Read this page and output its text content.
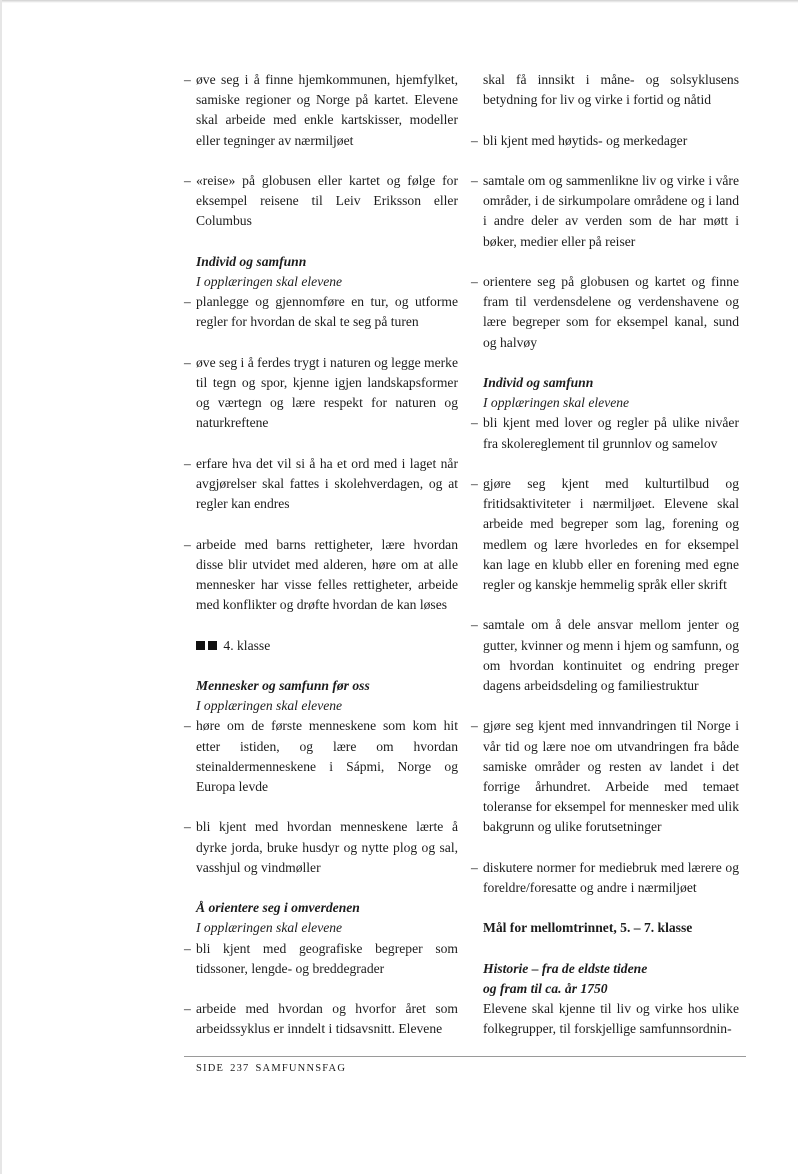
– øve seg i å finne hjemkommunen, hjemfylket, samiske regioner og Norge på kartet. Elevene skal arbeide med enkle kartskisser, modeller eller tegninger av nærmiljøet
– «reise» på globusen eller kartet og følge for eksempel reisene til Leiv Eriksson eller Columbus
Individ og samfunn
I opplæringen skal elevene
– planlegge og gjennomføre en tur, og utforme regler for hvordan de skal te seg på turen
– øve seg i å ferdes trygt i naturen og legge merke til tegn og spor, kjenne igjen landskapsformer og værtegn og lære respekt for naturen og naturkreftene
– erfare hva det vil si å ha et ord med i laget når avgjørelser skal fattes i skolehverdagen, og at regler kan endres
– arbeide med barns rettigheter, lære hvordan disse blir utvidet med alderen, høre om at alle mennesker har visse felles rettigheter, arbeide med konflikter og drøfte hvordan de kan løses
4. klasse
Mennesker og samfunn før oss
I opplæringen skal elevene
– høre om de første menneskene som kom hit etter istiden, og lære om hvordan steinaldermenneskene i Sápmi, Norge og Europa levde
– bli kjent med hvordan menneskene lærte å dyrke jorda, bruke husdyr og nytte plog og sal, vasshjul og vindmøller
Å orientere seg i omverdenen
I opplæringen skal elevene
– bli kjent med geografiske begreper som tidssoner, lengde- og breddegrader
– arbeide med hvordan og hvorfor året som arbeidssyklus er inndelt i tidsavsnitt. Elevene
skal få innsikt i måne- og solsyklusens betydning for liv og virke i fortid og nåtid
– bli kjent med høytids- og merkedager
– samtale om og sammenlikne liv og virke i våre områder, i de sirkumpolare områdene og i land i andre deler av verden som de har møtt i bøker, medier eller på reiser
– orientere seg på globusen og kartet og finne fram til verdensdelene og verdenshavene og lære begreper som for eksempel kanal, sund og halvøy
Individ og samfunn
I opplæringen skal elevene
– bli kjent med lover og regler på ulike nivåer fra skolereglement til grunnlov og samelov
– gjøre seg kjent med kulturtilbud og fritidsaktiviteter i nærmiljøet. Elevene skal arbeide med begreper som lag, forening og medlem og lære hvorledes en for eksempel kan lage en klubb eller en forening med egne regler og kanskje hemmelig språk eller skrift
– samtale om å dele ansvar mellom jenter og gutter, kvinner og menn i hjem og samfunn, og om hvordan kontinuitet og endring preger dagens arbeidsdeling og familiestruktur
– gjøre seg kjent med innvandringen til Norge i vår tid og lære noe om utvandringen fra både samiske områder og resten av landet i det forrige århundret. Arbeide med temaet toleranse for eksempel for mennesker med ulik bakgrunn og ulike forutsetninger
– diskutere normer for mediebruk med lærere og foreldre/foresatte og andre i nærmiljøet
Mål for mellomtrinnet, 5. – 7. klasse
Historie – fra de eldste tidene
og fram til ca. år 1750
Elevene skal kjenne til liv og virke hos ulike folkegrupper, til forskjellige samfunnsordnin-
SIDE 237 SAMFUNNSFAG
